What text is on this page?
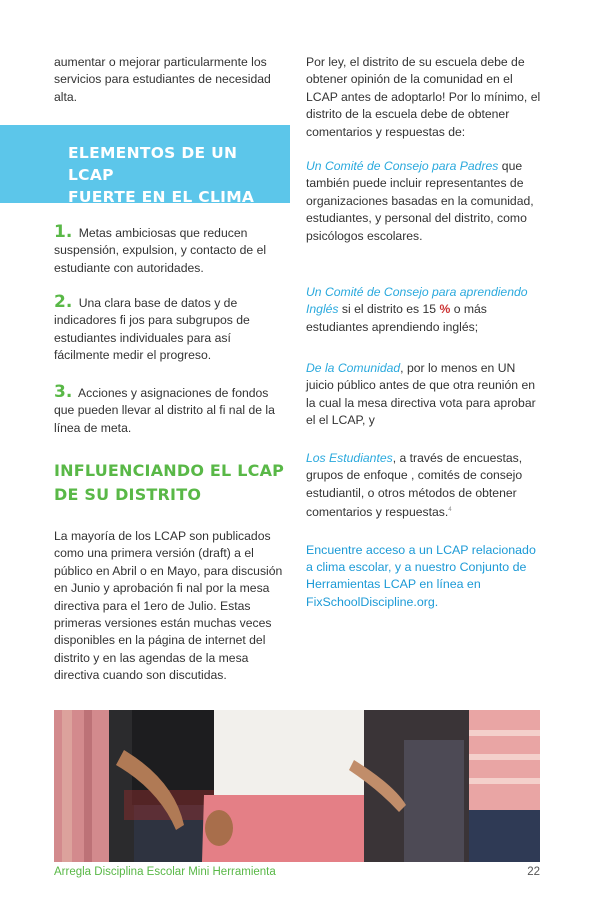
aumentar o mejorar particularmente los servicios para estudiantes de necesidad alta.
ELEMENTOS DE UN LCAP
FUERTE EN EL CLIMA ESCOLAR
1. Metas ambiciosas que reducen suspensión, expulsion, y contacto de el estudiante con autoridades.
2. Una clara base de datos y de indicadores fi jos para subgrupos de estudiantes individuales para así fácilmente medir el progreso.
3. Acciones y asignaciones de fondos que pueden llevar al distrito al fi nal de la línea de meta.
INFLUENCIANDO EL LCAP
DE SU DISTRITO
La mayoría de los LCAP son publicados como una primera versión (draft) a el público en Abril o en Mayo, para discusión en Junio y aprobación fi nal por la mesa directiva para el 1ero de Julio. Estas primeras versiones están muchas veces disponibles en la página de internet del distrito y en las agendas de la mesa directiva cuando son discutidas.
Por ley, el distrito de su escuela debe de obtener opinión de la comunidad en el LCAP antes de adoptarlo! Por lo mínimo, el distrito de la escuela debe de obtener comentarios y respuestas de:
Un Comité de Consejo para Padres que también puede incluir representantes de organizaciones basadas en la comunidad, estudiantes, y personal del distrito, como psicólogos escolares.
Un Comité de Consejo para aprendiendo Inglés si el distrito es 15 % o más estudiantes aprendiendo inglés;
De la Comunidad, por lo menos en UN juicio público antes de que otra reunión en la cual la mesa directiva vota para aprobar el el LCAP, y
Los Estudiantes, a través de encuestas, grupos de enfoque , comités de consejo estudiantil, o otros métodos de obtener comentarios y respuestas.$^4$
Encuentre acceso a un LCAP relacionado a clima escolar, y a nuestro Conjunto de Herramientas LCAP en línea en FixSchoolDiscipline.org.
Arregla Disciplina Escolar Mini Herramienta	22
